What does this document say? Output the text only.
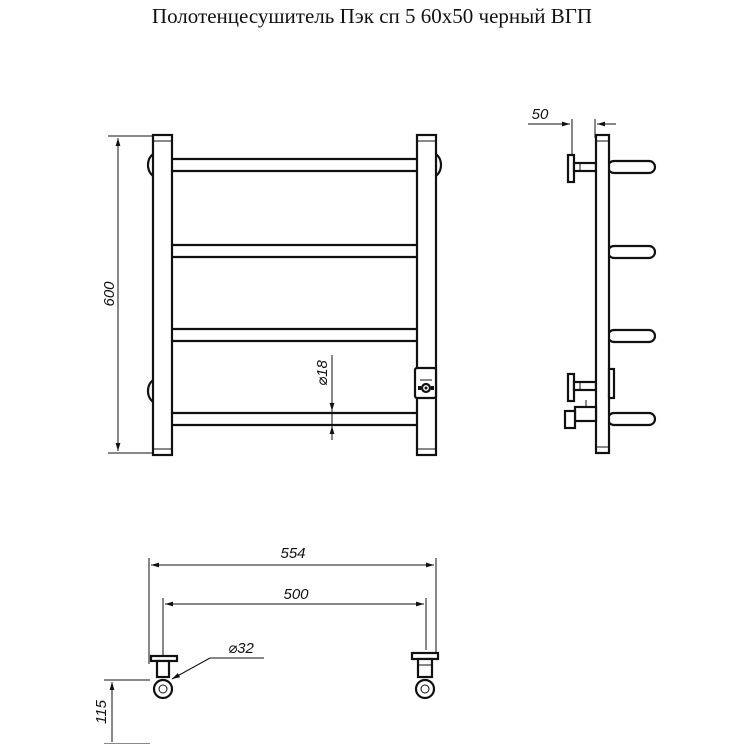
Полотенцесушитель Пэк сп 5 60х50 черный ВГП
600
⌀18
50
554
500
⌀32
115
